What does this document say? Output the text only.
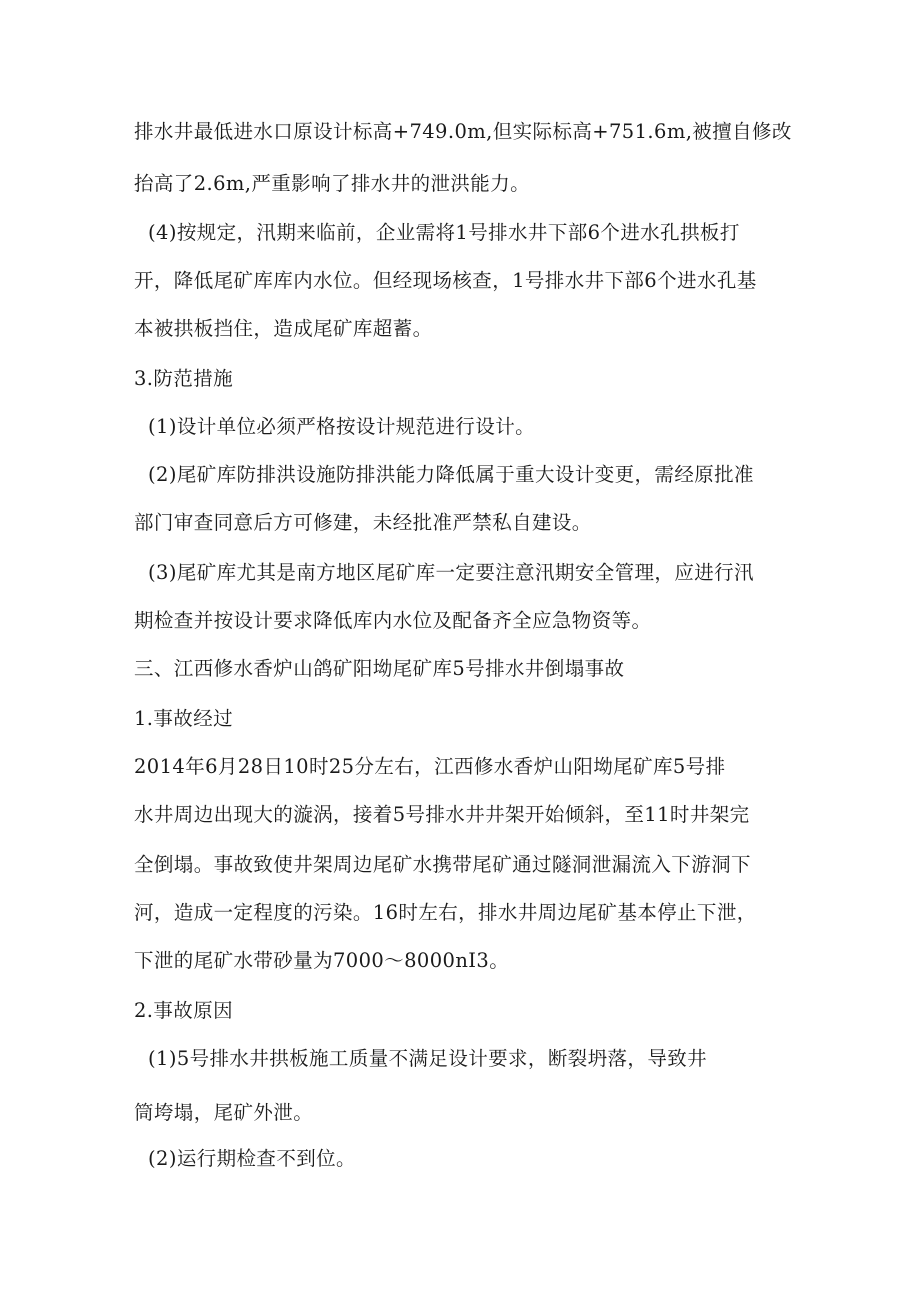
排水井最低进水口原设计标高+749.0m,但实际标高+751.6m,被擅自修改
抬高了2.6m,严重影响了排水井的泄洪能力。
(4)按规定，汛期来临前，企业需将1号排水井下部6个进水孔拱板打
开，降低尾矿库库内水位。但经现场核查，1号排水井下部6个进水孔基
本被拱板挡住，造成尾矿库超蓄。
3.防范措施
(1)设计单位必须严格按设计规范进行设计。
(2)尾矿库防排洪设施防排洪能力降低属于重大设计变更，需经原批准
部门审查同意后方可修建，未经批准严禁私自建设。
(3)尾矿库尤其是南方地区尾矿库一定要注意汛期安全管理，应进行汛
期检查并按设计要求降低库内水位及配备齐全应急物资等。
三、江西修水香炉山鸽矿阳坳尾矿库5号排水井倒塌事故
1.事故经过
2014年6月28日10时25分左右，江西修水香炉山阳坳尾矿库5号排
水井周边出现大的漩涡，接着5号排水井井架开始倾斜，至11时井架完
全倒塌。事故致使井架周边尾矿水携带尾矿通过隧洞泄漏流入下游洞下
河，造成一定程度的污染。16时左右，排水井周边尾矿基本停止下泄，
下泄的尾矿水带砂量为7000～8000nI3。
2.事故原因
(1)5号排水井拱板施工质量不满足设计要求，断裂坍落，导致井
筒垮塌，尾矿外泄。
(2)运行期检查不到位。
